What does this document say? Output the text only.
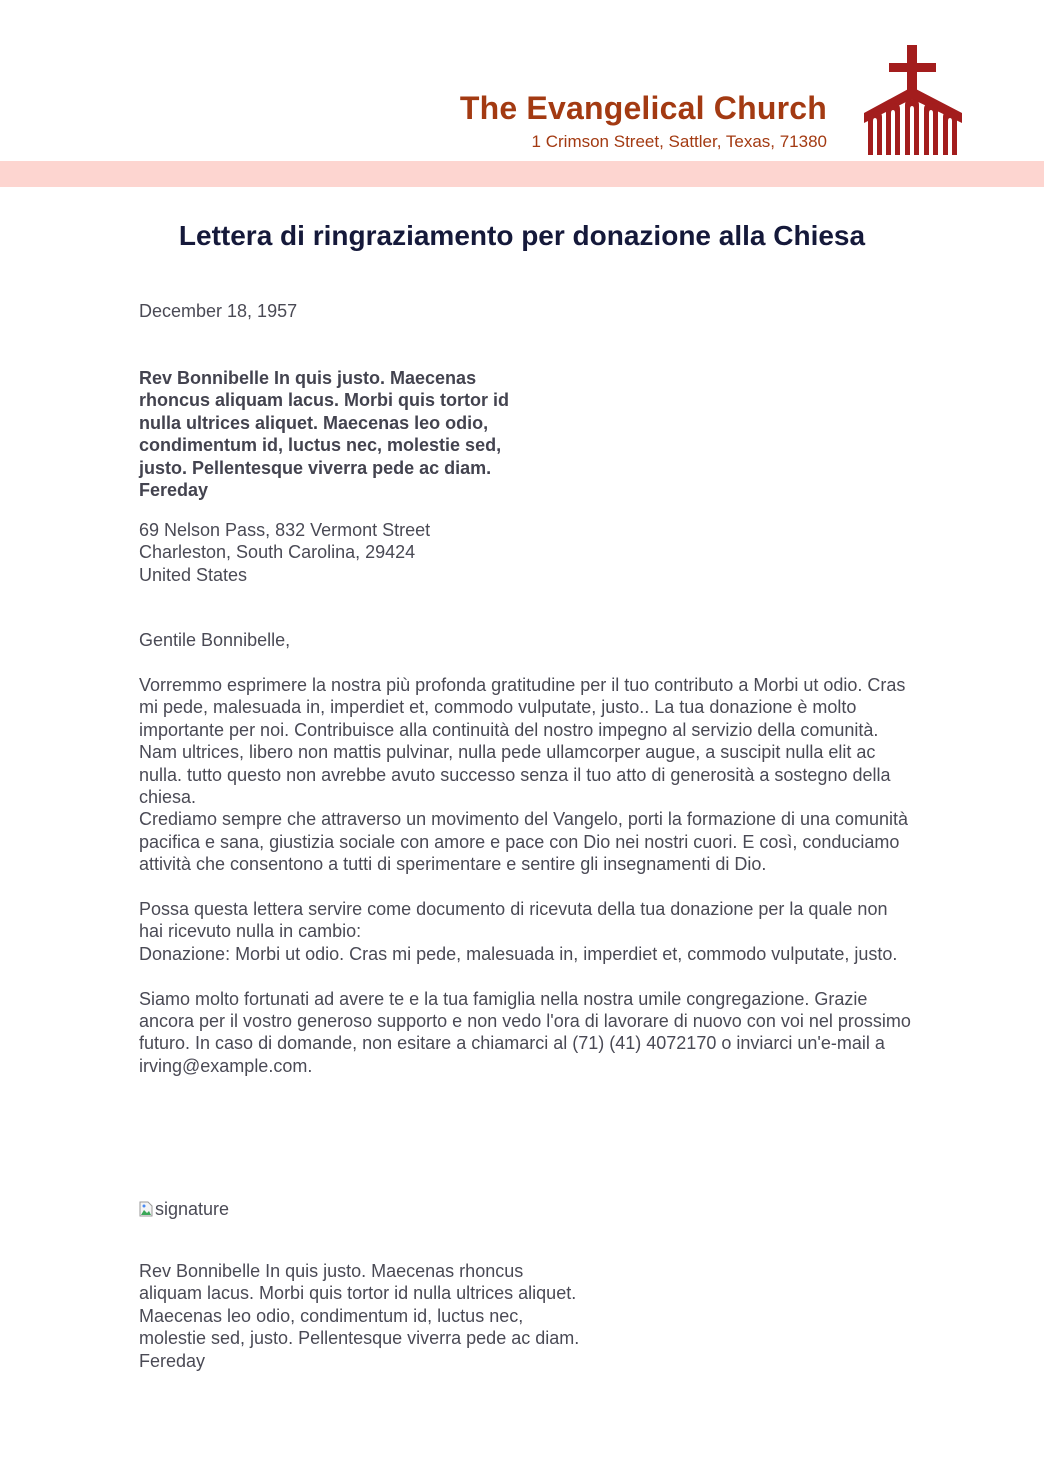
The Evangelical Church
1 Crimson Street, Sattler, Texas, 71380
Lettera di ringraziamento per donazione alla Chiesa
December 18, 1957
Rev Bonnibelle In quis justo. Maecenas rhoncus aliquam lacus. Morbi quis tortor id nulla ultrices aliquet. Maecenas leo odio, condimentum id, luctus nec, molestie sed, justo. Pellentesque viverra pede ac diam. Fereday
69 Nelson Pass, 832 Vermont Street
Charleston, South Carolina, 29424
United States
Gentile Bonnibelle,

Vorremmo esprimere la nostra più profonda gratitudine per il tuo contributo a Morbi ut odio. Cras mi pede, malesuada in, imperdiet et, commodo vulputate, justo.. La tua donazione è molto importante per noi. Contribuisce alla continuità del nostro impegno al servizio della comunità. Nam ultrices, libero non mattis pulvinar, nulla pede ullamcorper augue, a suscipit nulla elit ac nulla. tutto questo non avrebbe avuto successo senza il tuo atto di generosità a sostegno della chiesa.
Crediamo sempre che attraverso un movimento del Vangelo, porti la formazione di una comunità pacifica e sana, giustizia sociale con amore e pace con Dio nei nostri cuori. E così, conduciamo attività che consentono a tutti di sperimentare e sentire gli insegnamenti di Dio.

Possa questa lettera servire come documento di ricevuta della tua donazione per la quale non hai ricevuto nulla in cambio:
Donazione: Morbi ut odio. Cras mi pede, malesuada in, imperdiet et, commodo vulputate, justo.

Siamo molto fortunati ad avere te e la tua famiglia nella nostra umile congregazione. Grazie ancora per il vostro generoso supporto e non vedo l'ora di lavorare di nuovo con voi nel prossimo futuro. In caso di domande, non esitare a chiamarci al (71) (41) 4072170 o inviarci un'e-mail a irving@example.com.

signature
Rev Bonnibelle In quis justo. Maecenas rhoncus aliquam lacus. Morbi quis tortor id nulla ultrices aliquet. Maecenas leo odio, condimentum id, luctus nec, molestie sed, justo. Pellentesque viverra pede ac diam. Fereday
